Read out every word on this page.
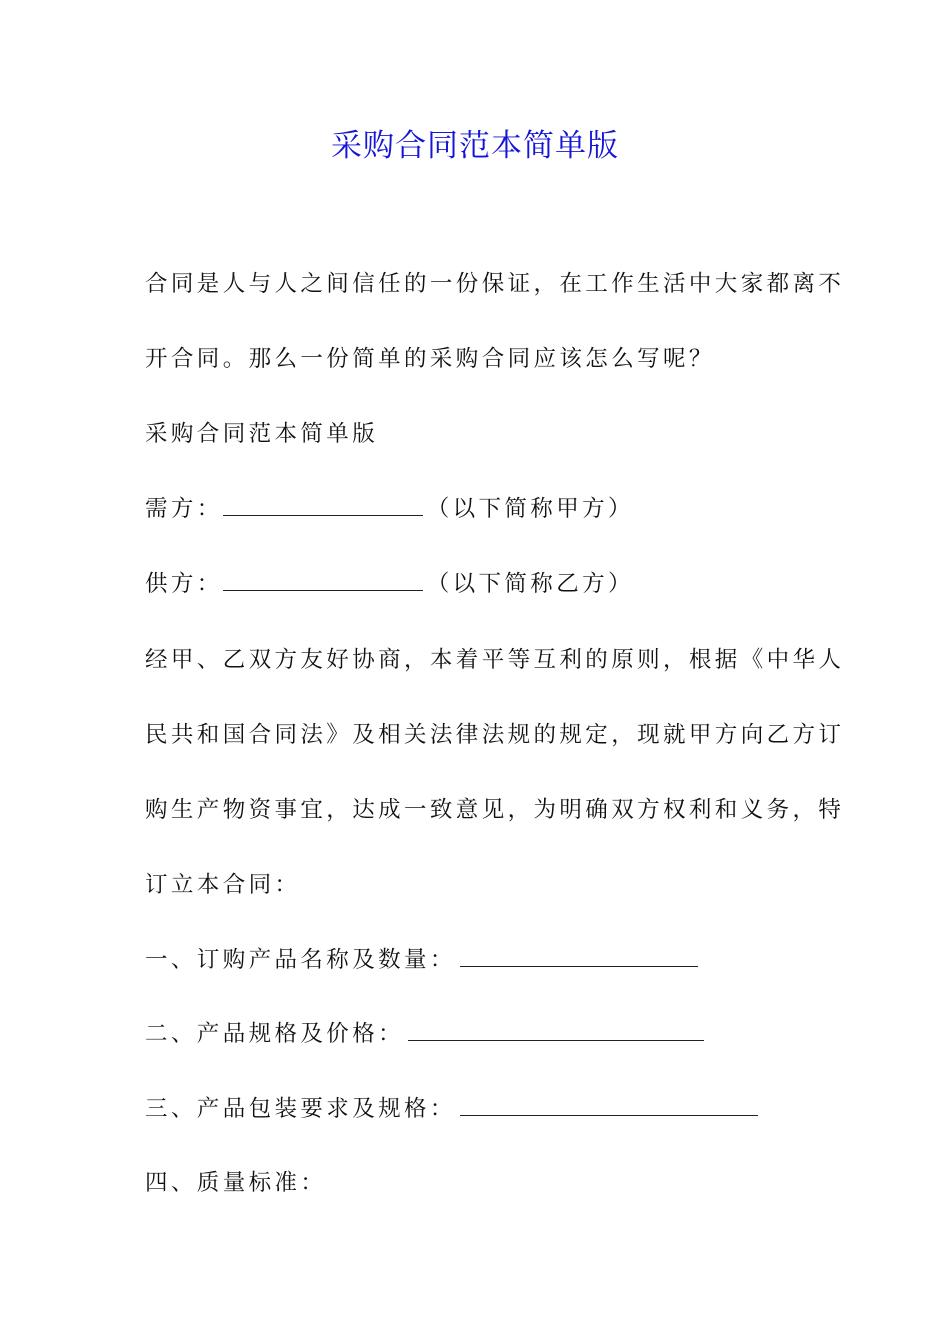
采购合同范本简单版
合同是人与人之间信任的一份保证，在工作生活中大家都离不
开合同。那么一份简单的采购合同应该怎么写呢？
采购合同范本简单版
需方：	（以下简称甲方）
供方：	（以下简称乙方）
经甲、乙双方友好协商，本着平等互利的原则，根据《中华人
民共和国合同法》及相关法律法规的规定，现就甲方向乙方订
购生产物资事宜，达成一致意见，为明确双方权利和义务，特
订立本合同：
一、订购产品名称及数量：
二、产品规格及价格：
三、产品包装要求及规格：
四、质量标准：
